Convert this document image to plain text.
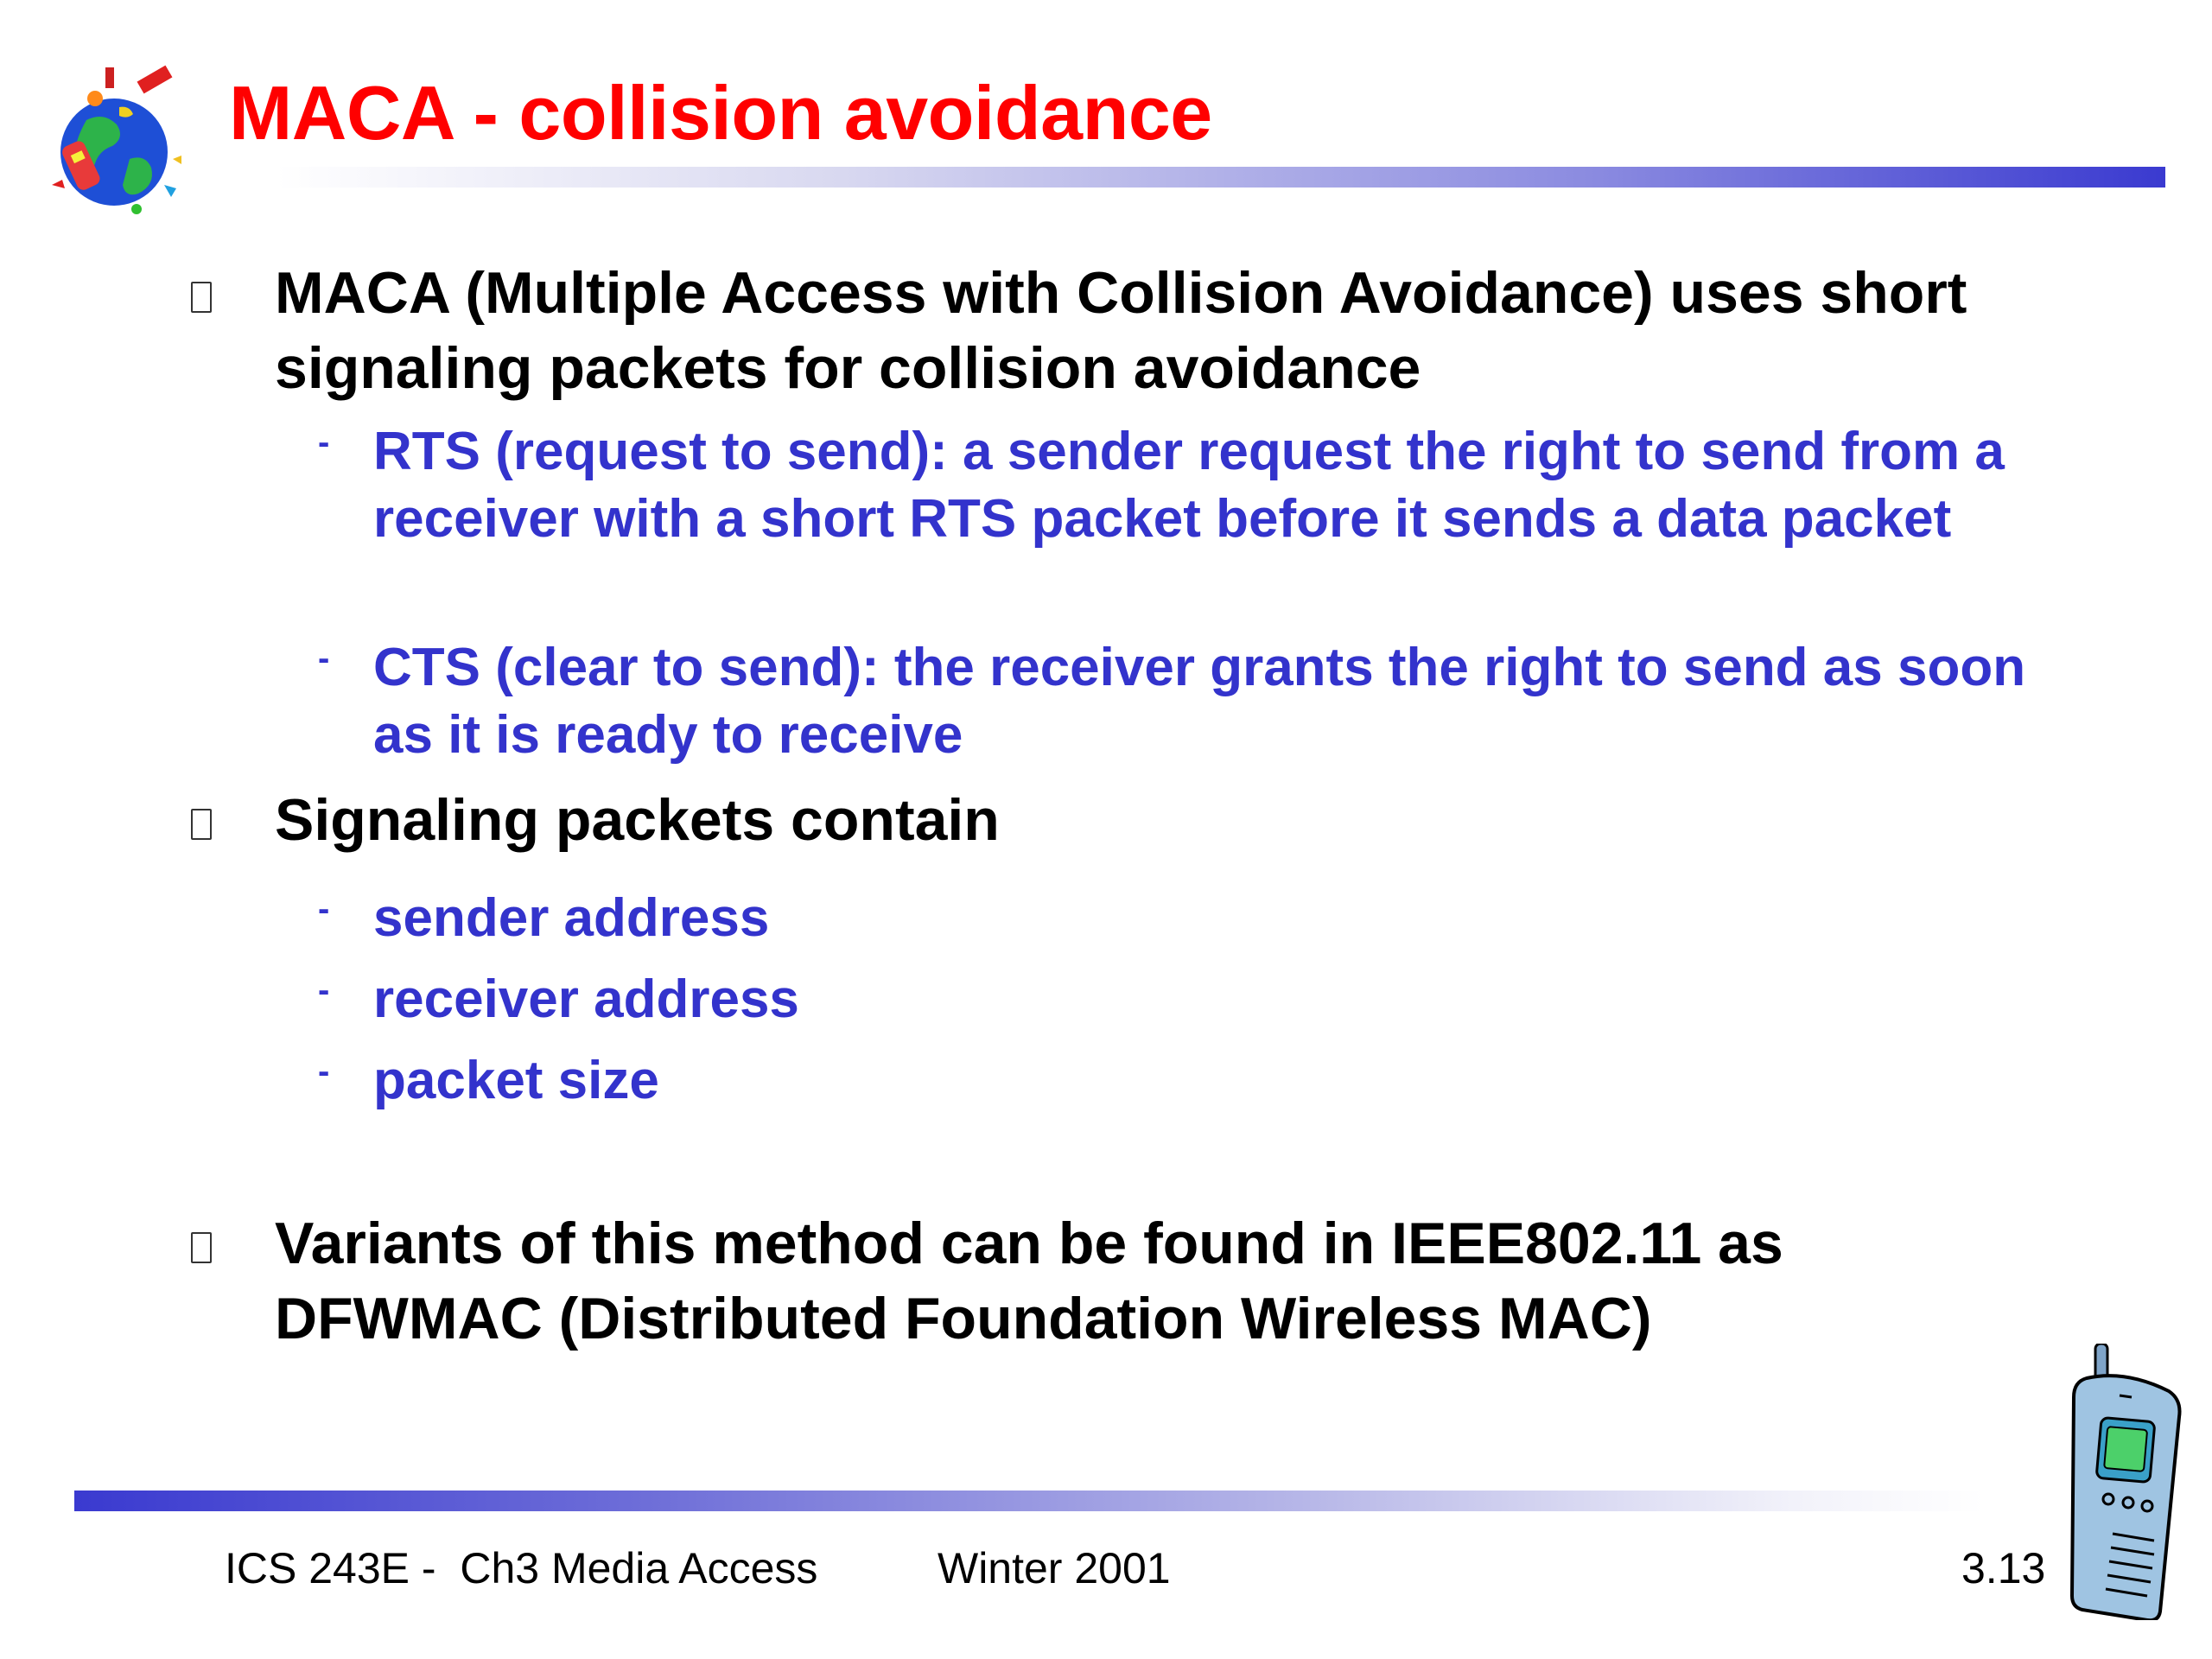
MACA - collision avoidance
MACA (Multiple Access with Collision Avoidance) uses short signaling packets for collision avoidance
- RTS (request to send): a sender request the right to send from a receiver with a short RTS packet before it sends a data packet
- CTS (clear to send): the receiver grants the right to send as soon as it is ready to receive
Signaling packets contain
- sender address
- receiver address
- packet size
Variants of this method can be found in IEEE802.11 as DFWMAC (Distributed Foundation Wireless MAC)
ICS 243E -  Ch3 Media Access	Winter 2001	3.13
